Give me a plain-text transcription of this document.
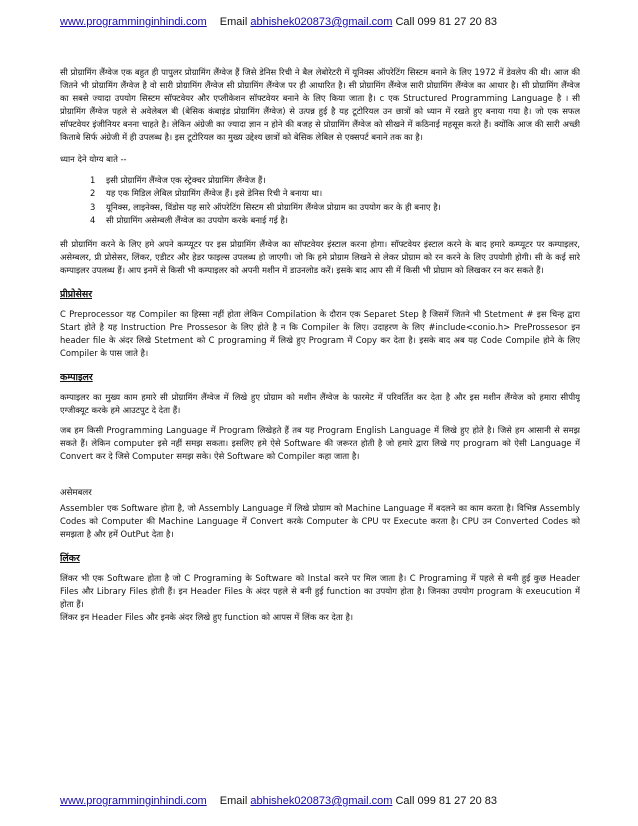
www.programminginhindi.com Email abhishek020873@gmail.com Call 099 81 27 20 83

सी प्रोग्रामिंग लैंग्वेज एक बहुत ही पापुलर प्रोग्रामिंग लैंग्वेज हैं जिसे डेनिस रिची ने बैल लेबोरेटरी में यूनिक्स ऑपरेटिंग सिस्टम बनाने के लिए 1972 में डेवलेप की थी। आज की जितने भी प्रोग्रामिंग लैंग्वेज है वो सारी प्रोग्रामिंग लैंग्वेज सी प्रोग्रामिंग लैंग्वेज पर ही आधारित है। सी प्रोग्रामिंग लैंग्वेज सारी प्रोग्रामिंग लैंग्वेज का आधार है। सी प्रोग्रामिंग लैंग्वेज का सबसे ज्यादा उपयोग सिस्टम सॉफ्टवेयर और एप्लीकेशन सॉफ्टवेयर बनाने के लिए किया जाता है। c एक Structured Programming Language है । सी प्रोग्रामिंग लैंग्वेज पहले से अवेलेबल बी (बेसिक कंबाइंड प्रोग्रामिंग लैंग्वेज) से उत्पन्न हुई है यह टूटोरियल उन छात्रों को ध्यान में रखते हुए बनाया गया है। जो एक सफल सॉफ्टवेयर इंजीनियर बनना चाहते है। लेकिन अंग्रेजी का ज्यादा ज्ञान न होने की बजह से प्रोग्रामिंग लैंग्वेज को सीखने में कठिनाई महसूस करते हैं। क्योंकि आज की सारी अच्छी किताबे सिर्फ अंग्रेजी में ही उपलब्ध है। इस टूटोरियल का मुख्य उद्देश्य छात्रों को बेसिक लेबिल से एक्सपर्ट बनाने तक का है।

ध्यान देने योग्य बाते --

1 इसी प्रोग्रामिंग लैंग्वेज एक स्ट्रेक्चर प्रोग्रामिंग लैंग्वेज हैं।
2 यह एक मिडिल लेबिल प्रोग्रामिंग लैंग्वेज हैं। इसे डेनिस रिची ने बनाया था।
3 यूनिक्स, लाइनेक्स, विंडोस यह सारे ऑपरेटिंग सिस्टम सी प्रोग्रामिंग लैंग्वेज प्रोग्राम का उपयोग कर के ही बनाए है।
4 सी प्रोग्रामिंग असेम्बली लैंग्वेज का उपयोग करके बनाई गई है।

सी प्रोग्रामिंग करने के लिए हमे अपने कम्प्यूटर पर इस प्रोग्रामिंग लैंग्वेज का सॉफ्टवेयर इंस्टाल करना होगा। सॉफ्टवेयर इंस्टाल करने के बाद हमारे कम्प्यूटर पर कम्पाइलर, असेम्बलर, प्री प्रोसेसर, लिंकर, एडीटर और हेडर फाइल्स उपलब्ध हो जाएगी। जो कि हमे प्रोग्राम लिखने से लेकर प्रोग्राम को रन करने के लिए उपयोगी होगी। सी के कई सारे कम्पाइलर उपलब्ध हैं। आप इनमें से किसी भी कम्पाइलर को अपनी मशीन में डाउनलोड करें। इसके बाद आप सी में किसी भी प्रोग्राम को लिखकर रन कर सकते हैं।

प्रीप्रोसेसर

C Preprocessor यह Compiler का हिस्सा नहीं होता लेकिन Compilation के दौरान एक Separet Step है जिसमें जितने भी Stetment # इस चिन्ह द्वारा Start होते है यह Instruction Pre Prossesor के लिए होते है न कि Compiler के लिए। उदाहरण के लिए #include<conio.h> PreProssesor इन header file के अंदर लिखे Stetment को C programing में लिखे हुए Program में Copy कर देता है। इसके बाद अब यह Code Compile होने के लिए Compiler के पास जाते है।

कम्पाइलर

कम्पाइलर का मुख्य काम हमारे सी प्रोग्रामिंग लैंग्वेज में लिखे हुए प्रोग्राम को मशीन लैंग्वेज के फारमेट में परिवर्तित कर देता है और इस मशीन लैंग्वेज को हमारा सीपीयू एग्जीक्यूट करके हमे आउटपुट दे देता हैं।

जब हम किसी Programming Language में Program लिखेहते हैं तब यह Program English Language में लिखे हुए होते है। जिसे हम आसानी से समझ सकते हैं। लेकिन computer इसे नहीं समझ सकता। इसलिए हमे ऐसे Software की जरूरत होती है जो हमारे द्वारा लिखे गए program को ऐसी Language में Convert कर दे जिसे Computer समझ सके। ऐसे Software को Compiler कहा जाता है।

असेमबलर

Assembler एक Software होता है, जो Assembly Language में लिखे प्रोग्राम को Machine Language में बदलने का काम करता है। विभिन्न Assembly Codes को Computer की Machine Language में Convert करके Computer के CPU पर Execute करता है। CPU उन Converted Codes को समझता है और हमें OutPut देता है।

लिंकर

लिंकर भी एक Software होता है जो C Programing के Software को Instal करने पर मिल जाता है। C Programing में पहले से बनी हुई कुछ Header Files और Library Files होती हैं। इन Header Files के अंदर पहले से बनी हुई function का उपयोग होता है। जिनका उपयोग program के exeucution में होता हैं।

लिंकर इन Header Files और इनके अंदर लिखे हुए function को आपस में लिंक कर देता है।

www.programminginhindi.com Email abhishek020873@gmail.com Call 099 81 27 20 83
